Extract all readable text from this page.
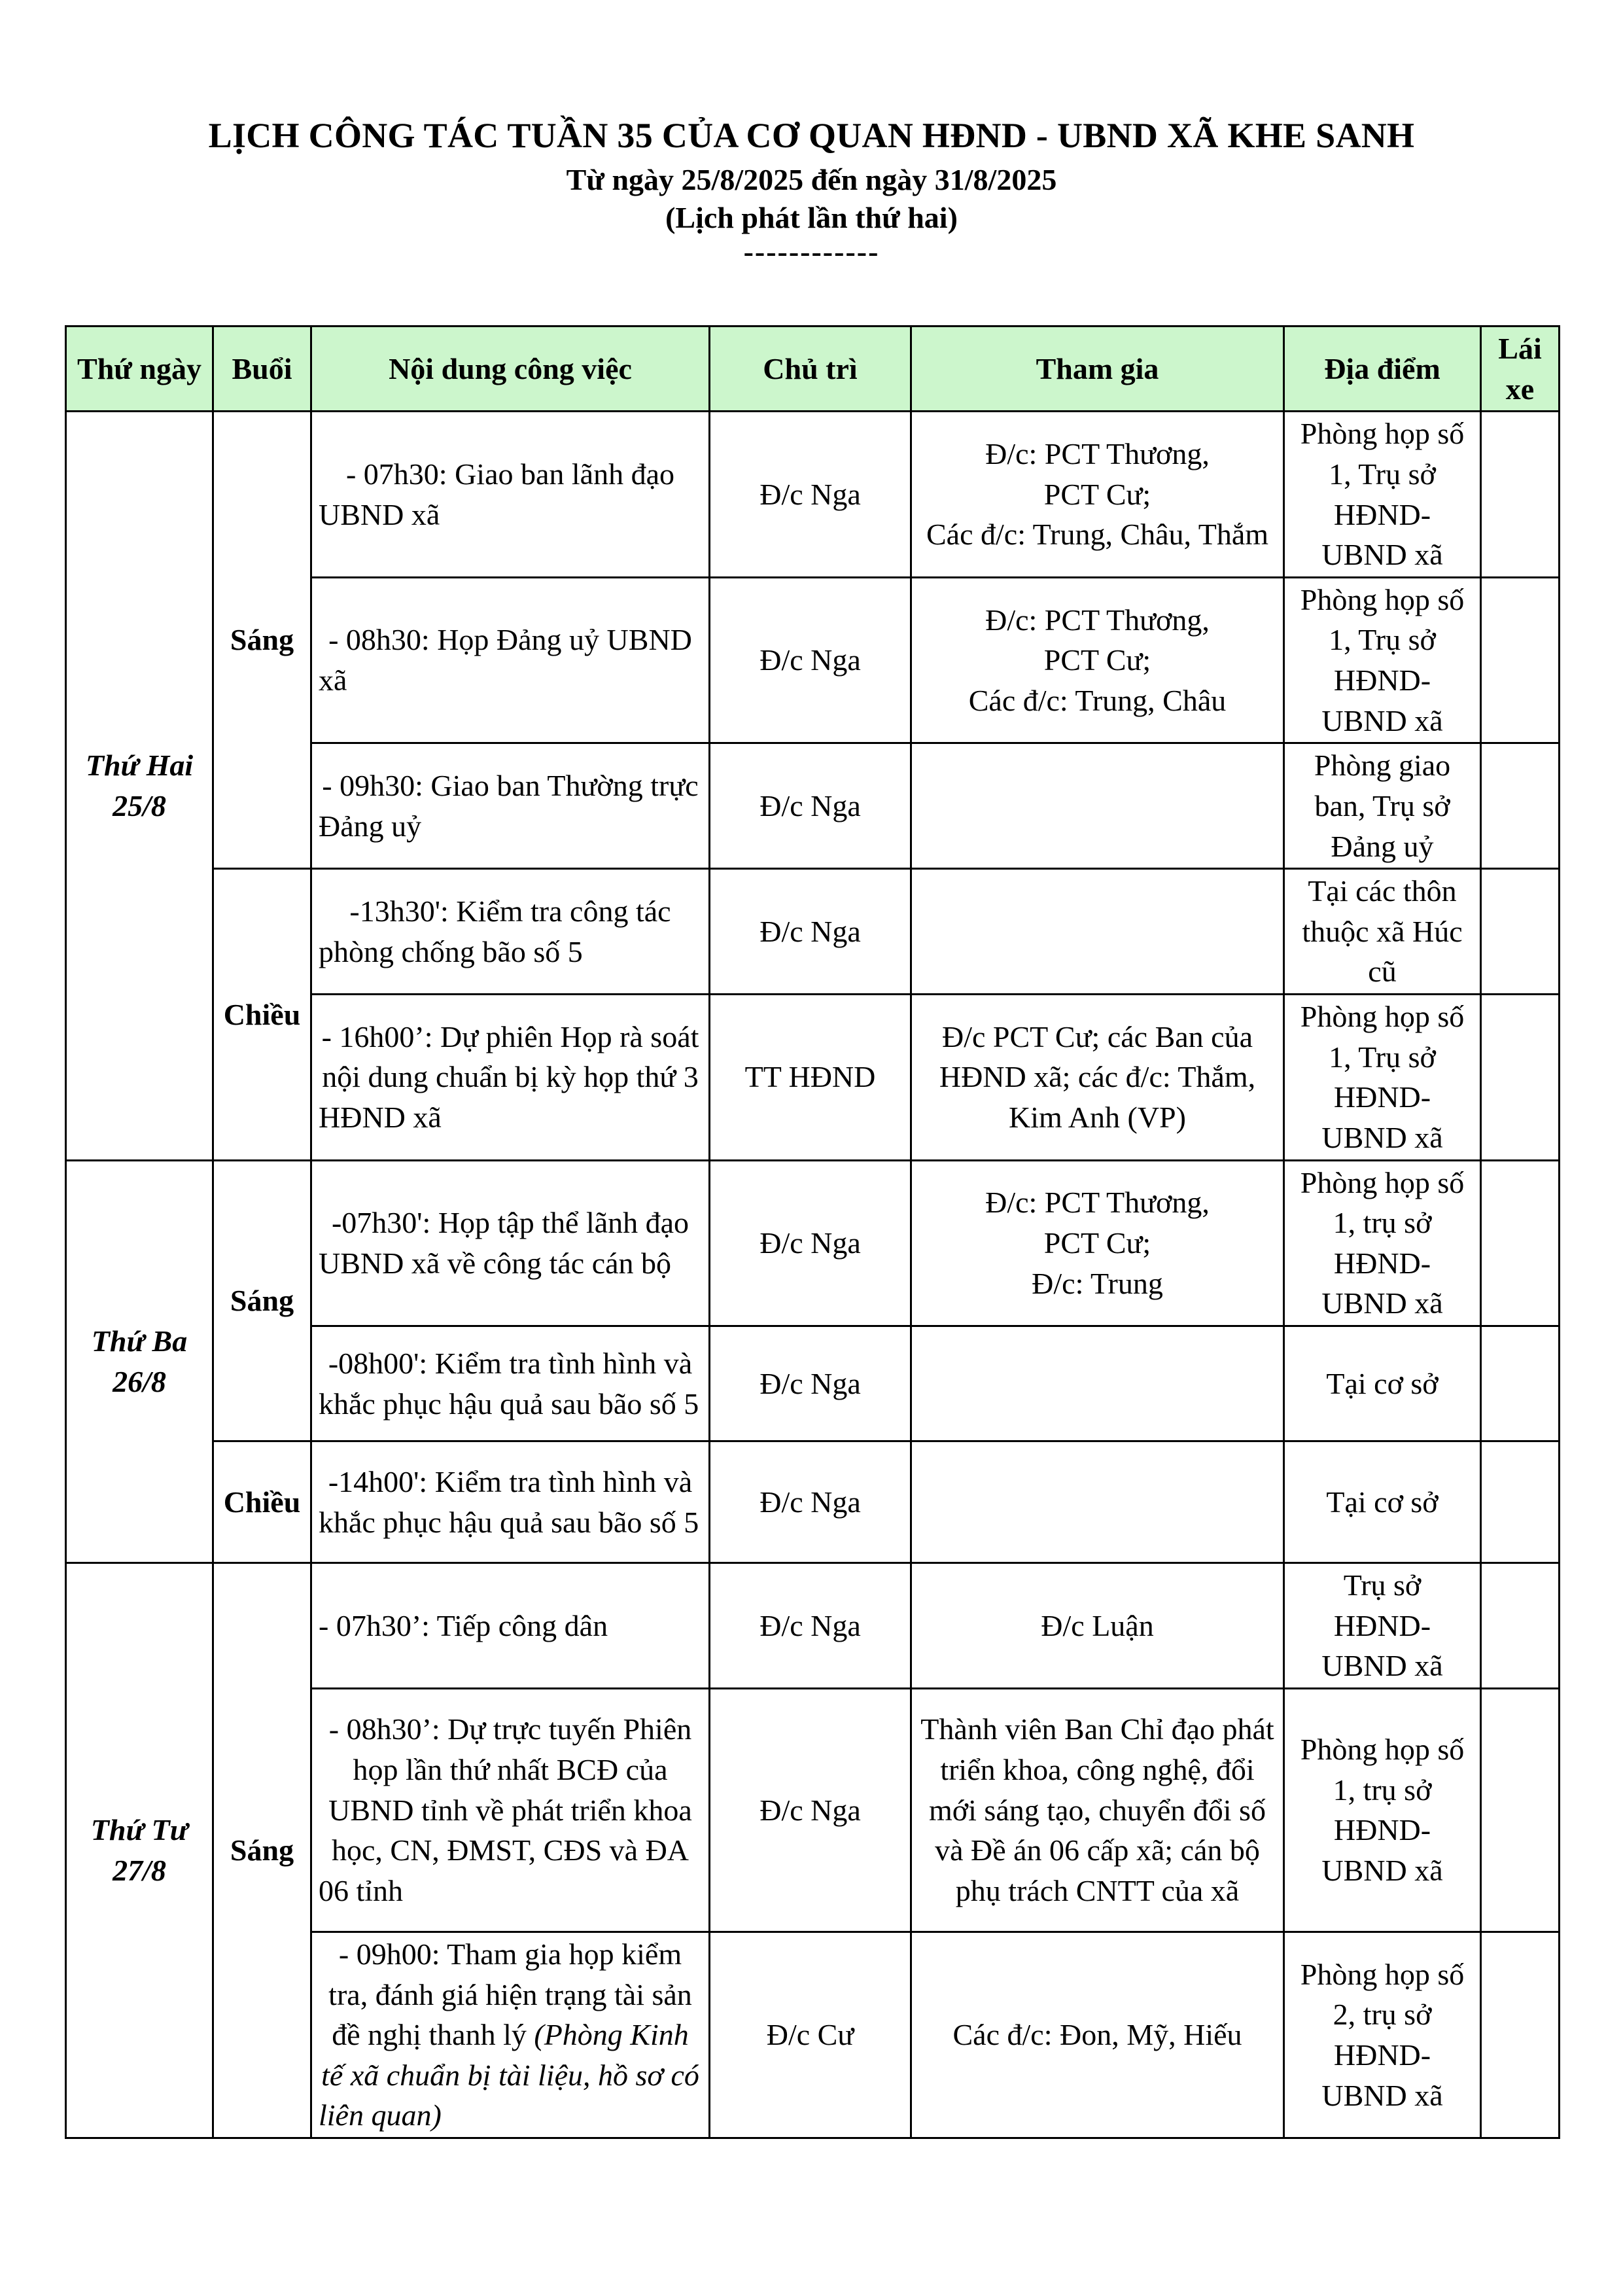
LỊCH CÔNG TÁC TUẦN 35 CỦA CƠ QUAN HĐND - UBND XÃ KHE SANH
Từ ngày 25/8/2025 đến ngày 31/8/2025
(Lịch phát lần thứ hai)
------------
Thứ ngày	Buổi	Nội dung công việc	Chủ trì	Tham gia	Địa điểm	Lái xe

Thứ Hai
25/8	Sáng	- 07h30: Giao ban lãnh đạo UBND xã	Đ/c Nga	Đ/c: PCT Thương,
PCT Cư;
Các đ/c: Trung, Châu, Thắm	Phòng họp số 1, Trụ sở HĐND-UBND xã	
		- 08h30: Họp Đảng uỷ UBND xã	Đ/c Nga	Đ/c: PCT Thương,
PCT Cư;
Các đ/c: Trung, Châu	Phòng họp số 1, Trụ sở HĐND-UBND xã	
		- 09h30: Giao ban Thường trực Đảng uỷ	Đ/c Nga		Phòng giao ban, Trụ sở Đảng uỷ	
	Chiều	-13h30': Kiểm tra công tác phòng chống bão số 5	Đ/c Nga		Tại các thôn thuộc xã Húc cũ	
		- 16h00’: Dự phiên Họp rà soát nội dung chuẩn bị kỳ họp thứ 3 HĐND xã	TT HĐND	Đ/c PCT Cư; các Ban của HĐND xã; các đ/c: Thắm, Kim Anh (VP)	Phòng họp số 1, Trụ sở HĐND-UBND xã	

Thứ Ba
26/8	Sáng	-07h30': Họp tập thể lãnh đạo UBND xã về công tác cán bộ	Đ/c Nga	Đ/c: PCT Thương,
PCT Cư;
Đ/c: Trung	Phòng họp số 1, trụ sở HĐND-UBND xã	
		-08h00': Kiểm tra tình hình và khắc phục hậu quả sau bão số 5	Đ/c Nga		Tại cơ sở	
	Chiều	-14h00': Kiểm tra tình hình và khắc phục hậu quả sau bão số 5	Đ/c Nga		Tại cơ sở	

Thứ Tư
27/8	Sáng	- 07h30’: Tiếp công dân	Đ/c Nga	Đ/c Luận	Trụ sở HĐND-UBND xã	
		- 08h30’: Dự trực tuyến Phiên họp lần thứ nhất BCĐ của UBND tỉnh về phát triển khoa học, CN, ĐMST, CĐS và ĐA 06 tỉnh	Đ/c Nga	Thành viên Ban Chỉ đạo phát triển khoa, công nghệ, đổi mới sáng tạo, chuyển đổi số và Đề án 06 cấp xã; cán bộ phụ trách CNTT của xã	Phòng họp số 1, trụ sở HĐND-UBND xã	
		- 09h00: Tham gia họp kiểm tra, đánh giá hiện trạng tài sản đề nghị thanh lý (Phòng Kinh tế xã chuẩn bị tài liệu, hồ sơ có liên quan)	Đ/c Cư	Các đ/c: Đon, Mỹ, Hiếu	Phòng họp số 2, trụ sở HĐND-UBND xã	
